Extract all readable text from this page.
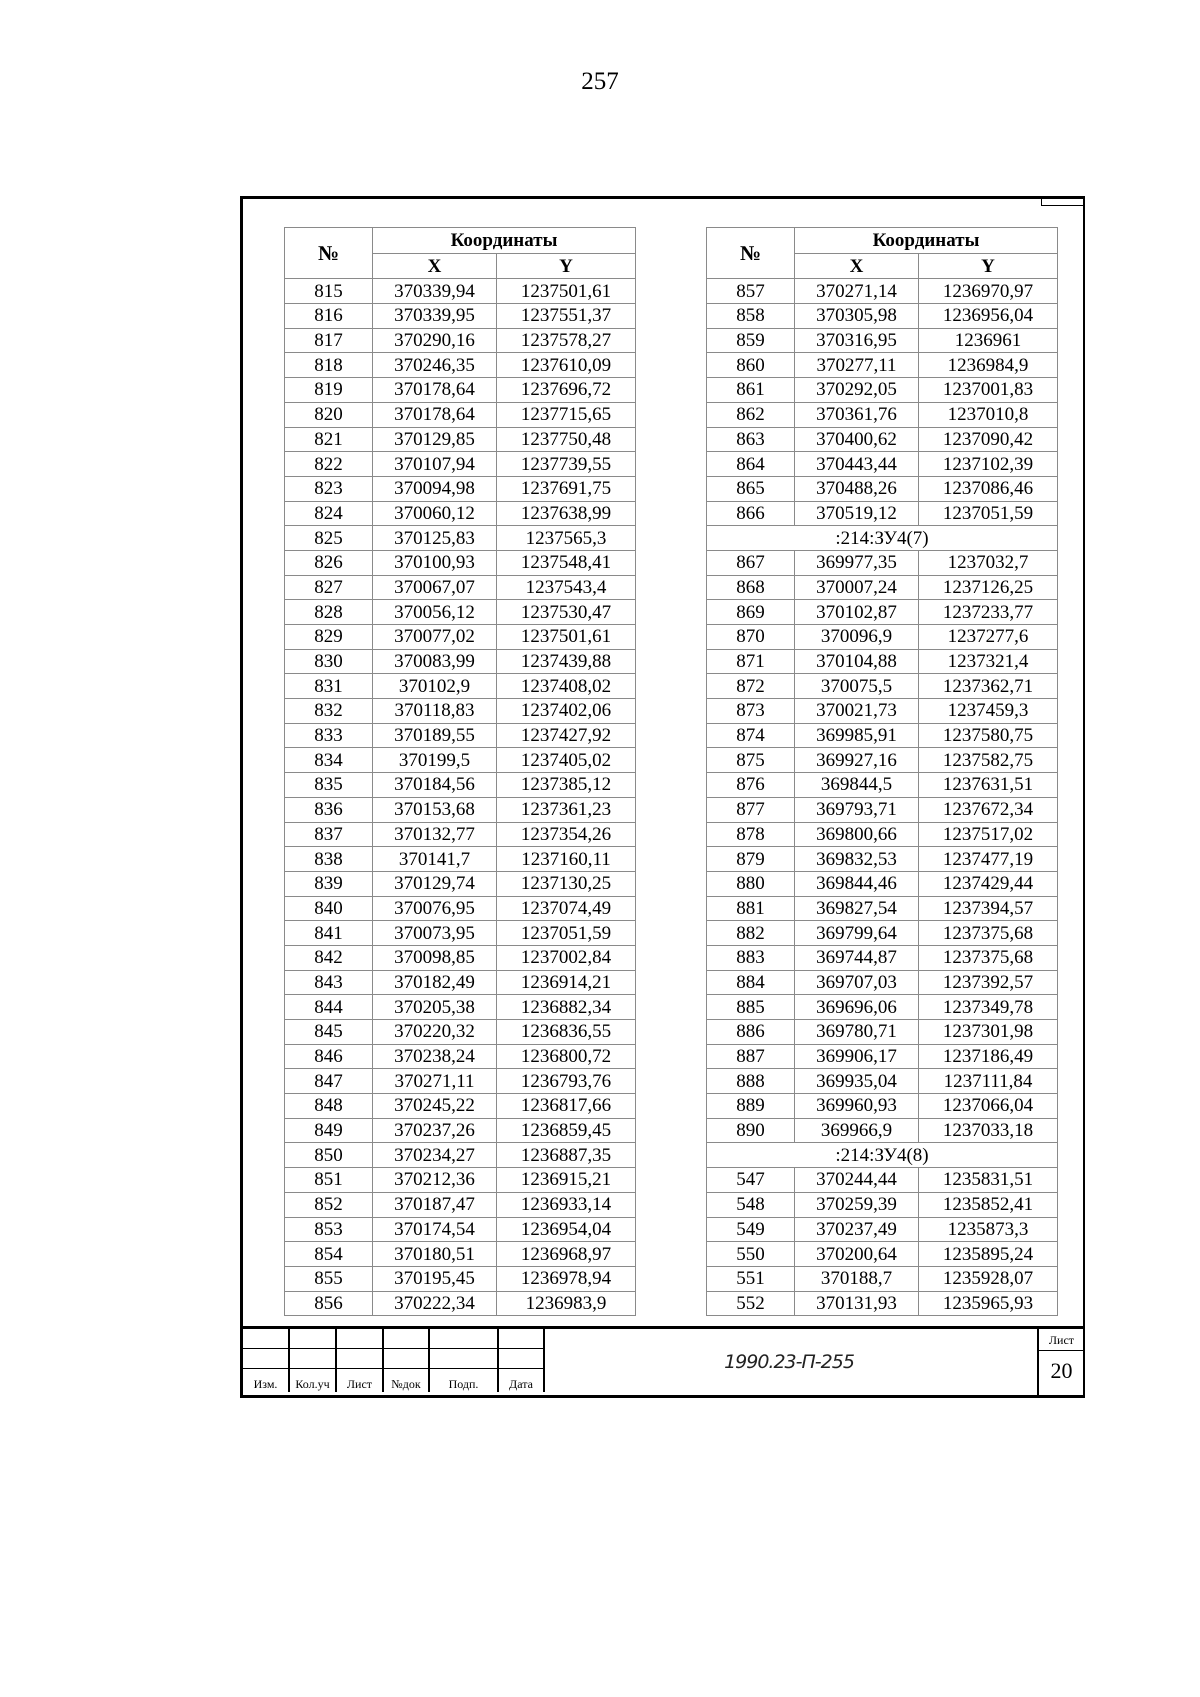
257
№	Координаты	
	X	Y
815	370339,94	1237501,61
816	370339,95	1237551,37
817	370290,16	1237578,27
818	370246,35	1237610,09
819	370178,64	1237696,72
820	370178,64	1237715,65
821	370129,85	1237750,48
822	370107,94	1237739,55
823	370094,98	1237691,75
824	370060,12	1237638,99
825	370125,83	1237565,3
826	370100,93	1237548,41
827	370067,07	1237543,4
828	370056,12	1237530,47
829	370077,02	1237501,61
830	370083,99	1237439,88
831	370102,9	1237408,02
832	370118,83	1237402,06
833	370189,55	1237427,92
834	370199,5	1237405,02
835	370184,56	1237385,12
836	370153,68	1237361,23
837	370132,77	1237354,26
838	370141,7	1237160,11
839	370129,74	1237130,25
840	370076,95	1237074,49
841	370073,95	1237051,59
842	370098,85	1237002,84
843	370182,49	1236914,21
844	370205,38	1236882,34
845	370220,32	1236836,55
846	370238,24	1236800,72
847	370271,11	1236793,76
848	370245,22	1236817,66
849	370237,26	1236859,45
850	370234,27	1236887,35
851	370212,36	1236915,21
852	370187,47	1236933,14
853	370174,54	1236954,04
854	370180,51	1236968,97
855	370195,45	1236978,94
856	370222,34	1236983,9
№	Координаты	
	X	Y
857	370271,14	1236970,97
858	370305,98	1236956,04
859	370316,95	1236961
860	370277,11	1236984,9
861	370292,05	1237001,83
862	370361,76	1237010,8
863	370400,62	1237090,42
864	370443,44	1237102,39
865	370488,26	1237086,46
866	370519,12	1237051,59
:214:ЗУ4(7)		
867	369977,35	1237032,7
868	370007,24	1237126,25
869	370102,87	1237233,77
870	370096,9	1237277,6
871	370104,88	1237321,4
872	370075,5	1237362,71
873	370021,73	1237459,3
874	369985,91	1237580,75
875	369927,16	1237582,75
876	369844,5	1237631,51
877	369793,71	1237672,34
878	369800,66	1237517,02
879	369832,53	1237477,19
880	369844,46	1237429,44
881	369827,54	1237394,57
882	369799,64	1237375,68
883	369744,87	1237375,68
884	369707,03	1237392,57
885	369696,06	1237349,78
886	369780,71	1237301,98
887	369906,17	1237186,49
888	369935,04	1237111,84
889	369960,93	1237066,04
890	369966,9	1237033,18
:214:ЗУ4(8)		
547	370244,44	1235831,51
548	370259,39	1235852,41
549	370237,49	1235873,3
550	370200,64	1235895,24
551	370188,7	1235928,07
552	370131,93	1235965,93

Изм.	Кол.уч	Лист	№док	Подп.	Дата
1990.23-П-255
Лист
20
